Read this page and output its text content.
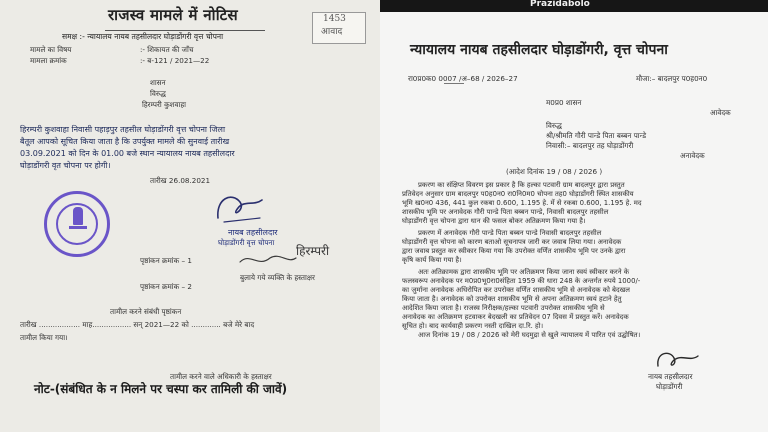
राजस्व मामले में नोटिस
समक्ष :- न्यायालय नायब तहसीलदार घोड़ाडोंगरी वृत्त चोपना
1453
आवाद
मामले का विषय	:- शिकायत की जाँच
मामला क्रमांक	:- ब-121 / 2021—22
शासन
विरुद्ध
हिरम्परी कुशवाहा
हिरम्परी कुशवाहा निवासी पहाड़पुर तहसील घोड़ाडोंगरी वृत्त चोपना जिला
बैतूल आपको सूचित किया जाता है कि उपर्युक्त मामले की सुनवाई तारीख
03.09.2021 को दिन के 01.00 बजे स्थान न्यायालय नायब तहसीलदार
घोड़ाडोंगरी वृत चोपना पर होगी।
तारीख 26.08.2021
नायब तहसीलदार
घोड़ाडोंगरी वृत्त चोपना
पृष्ठांकन क्रमांक – 1
हिरम्परी
बुलाये गये व्यक्ति के हस्ताक्षर
पृष्ठांकन क्रमांक – 2
तामील करने संबंधी पृष्ठांकन
तारीख .................. माह................. सन् 2021—22 को ............. बजे मेरे बाद
तामील किया गया।
तामील करने वाले अधिकारी के हस्ताक्षर
नोट-(संबंधित के न मिलने पर चस्पा कर तामिली की जावें)
Prazidabolo
न्यायालय नायब तहसीलदार घोड़ाडोंगरी, वृत्त चोपना
रा0प्र0क0 0007 /अ–68 / 2026–27	मौजा:– बादलपुर प0ह0न0
म0प्र0 शासन
आवेदक
विरुद्ध
श्री/श्रीमति गौरी पान्डे पिता बब्बन पान्डे
निवासी:– बादलपुर तह घोड़ाडोंगरी
अनावेदक
(आदेश दिनांक 19 / 08 / 2026 )
प्रकरण का संक्षिप्त विवरण इस प्रकार है कि हल्का पटवारी ग्राम बादलपुर द्वारा प्रस्तुत
प्रतिवेदन अनुसार ग्राम बादलपुर प0ह0न0 रा0नि0म0 चोपना तह0 घोड़ाडोंगरी स्थित शासकीय
भूमि ख0न0 436, 441 कुल रकबा 0.600, 1.195 हे. में से रकबा 0.600, 1.195 हे. मद
शासकीय भूमि पर अनावेदक गौरी पान्डे पिता बब्बन पान्डे, निवासी बादलपुर तहसील
घोड़ाडोंगरी वृत्त चोपना द्वारा धान की फसल बोकर अतिक्रमण किया गया है।
प्रकरण में अनावेदक गौरी पान्डे पिता बब्बन पान्डे निवासी बादलपुर तहसील
घोड़ाडोंगरी वृत्त चोपना को कारण बताओ सूचनापत्र जारी कर जवाब लिया गया। अनावेदक
द्वारा जवाब प्रस्तुत कर स्वीकार किया गया कि उपरोक्त वर्णित शासकीय भूमि पर उनके द्वारा
कृषि कार्य किया गया है।
अतः अतिक्रामक द्वारा शासकीय भूमि पर अतिक्रमण किया जाना स्वयं स्वीकार करने के
फलस्वरूप अनावेदक पर म0प्र0भू0रा0संहिता 1959 की धारा 248 के अन्तर्गत रुपये 1000/-
का जुर्माना अनावेदक अधिरोपित कर उपरोक्त वर्णित शासकीय भूमि से अनावेदक को बेदखल
किया जाता है। अनावेदक को उपरोक्त शासकीय भूमि से अपना अतिक्रमण स्वयं हटाने हेतु
आदेशित किया जाता है। राजस्व निरीक्षक/हल्का पटवारी उपरोक्त शासकीय भूमि से
अनावेदक का अतिक्रमण हटवाकर बेदखली का प्रतिवेदन 07 दिवस में प्रस्तुत करें। अनावेदक
सूचित हो। बाद कार्यवाही प्रकरण नस्ती दाखिल दा.रि. हो।
आज दिनांक 19 / 08 / 2026 को मेरी घदमुद्रा से खुले न्यायालय में पारित एवं उद्घोषित।
नायब तहसीलदार
घोड़ाडोंगरी
